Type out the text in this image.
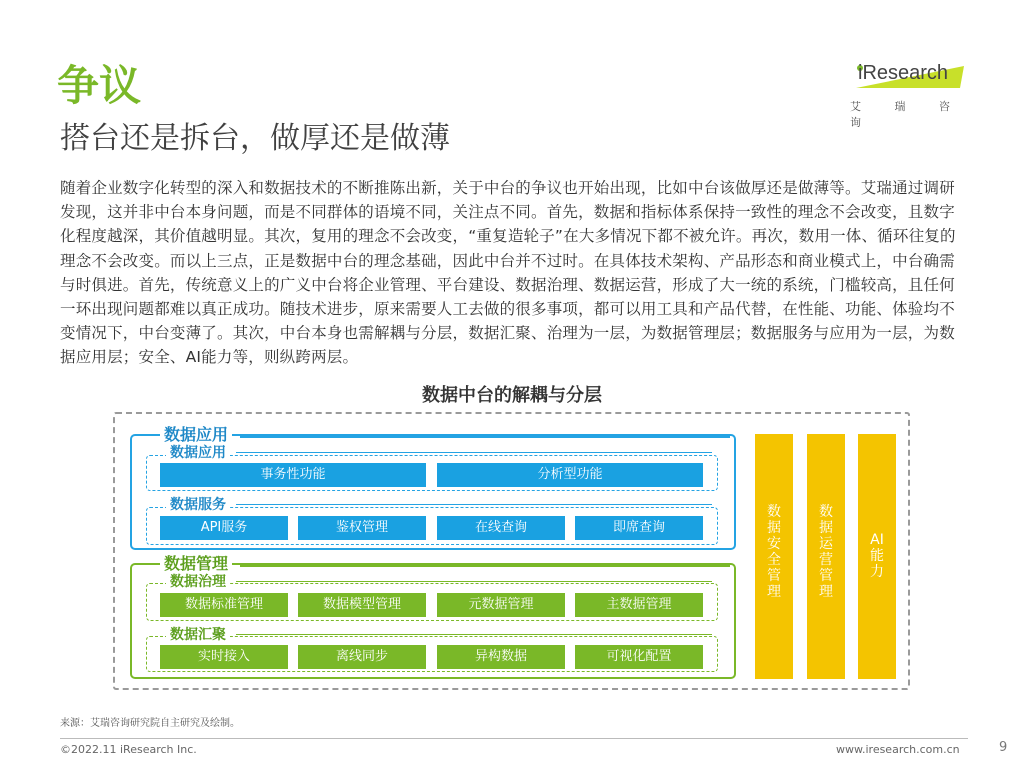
争议
搭台还是拆台，做厚还是做薄
iResearch
艾 瑞 咨 询
随着企业数字化转型的深入和数据技术的不断推陈出新，关于中台的争议也开始出现，比如中台该做厚还是做薄等。艾瑞通过调研发现，这并非中台本身问题，而是不同群体的语境不同，关注点不同。首先，数据和指标体系保持一致性的理念不会改变，且数字化程度越深，其价值越明显。其次，复用的理念不会改变，“重复造轮子”在大多情况下都不被允许。再次，数用一体、循环往复的理念不会改变。而以上三点，正是数据中台的理念基础，因此中台并不过时。在具体技术架构、产品形态和商业模式上，中台确需与时俱进。首先，传统意义上的广义中台将企业管理、平台建设、数据治理、数据运营，形成了大一统的系统，门槛较高，且任何一环出现问题都难以真正成功。随技术进步，原来需要人工去做的很多事项，都可以用工具和产品代替，在性能、功能、体验均不变情况下，中台变薄了。其次，中台本身也需解耦与分层，数据汇聚、治理为一层，为数据管理层；数据服务与应用为一层，为数据应用层；安全、AI能力等，则纵跨两层。
数据中台的解耦与分层
数据应用
数据应用
事务性功能	分析型功能
数据服务
API服务	鉴权管理	在线查询	即席查询
数据管理
数据治理
数据标准管理	数据模型管理	元数据管理	主数据管理
数据汇聚
实时接入	离线同步	异构数据	可视化配置
数
据
安
全
管
理
数
据
运
营
管
理
AI
能
力
来源：艾瑞咨询研究院自主研究及绘制。
©2022.11 iResearch Inc.	www.iresearch.com.cn	9
